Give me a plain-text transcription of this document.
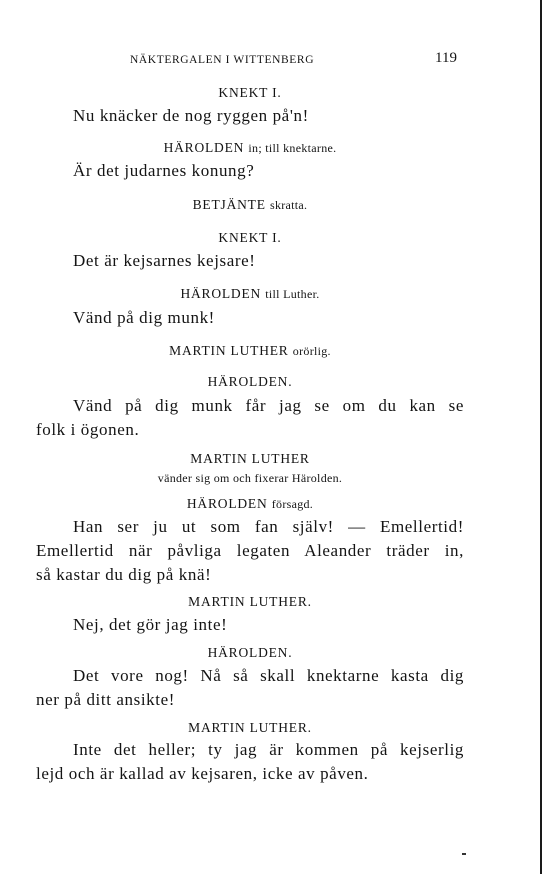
NÄKTERGALEN I WITTENBERG	119
KNEKT I.
Nu knäcker de nog ryggen på'n!
HÄROLDEN in; till knektarne.
Är det judarnes konung?
BETJÄNTE skratta.
KNEKT I.
Det är kejsarnes kejsare!
HÄROLDEN till Luther.
Vänd på dig munk!
MARTIN LUTHER orörlig.
HÄROLDEN.
Vänd på dig munk får jag se om du kan se
folk i ögonen.
MARTIN LUTHER
vänder sig om och fixerar Härolden.
HÄROLDEN försagd.
Han ser ju ut som fan själv! — Emellertid!
Emellertid när påvliga legaten Aleander träder in,
så kastar du dig på knä!
MARTIN LUTHER.
Nej, det gör jag inte!
HÄROLDEN.
Det vore nog! Nå så skall knektarne kasta dig
ner på ditt ansikte!
MARTIN LUTHER.
Inte det heller; ty jag är kommen på kejserlig
lejd och är kallad av kejsaren, icke av påven.
